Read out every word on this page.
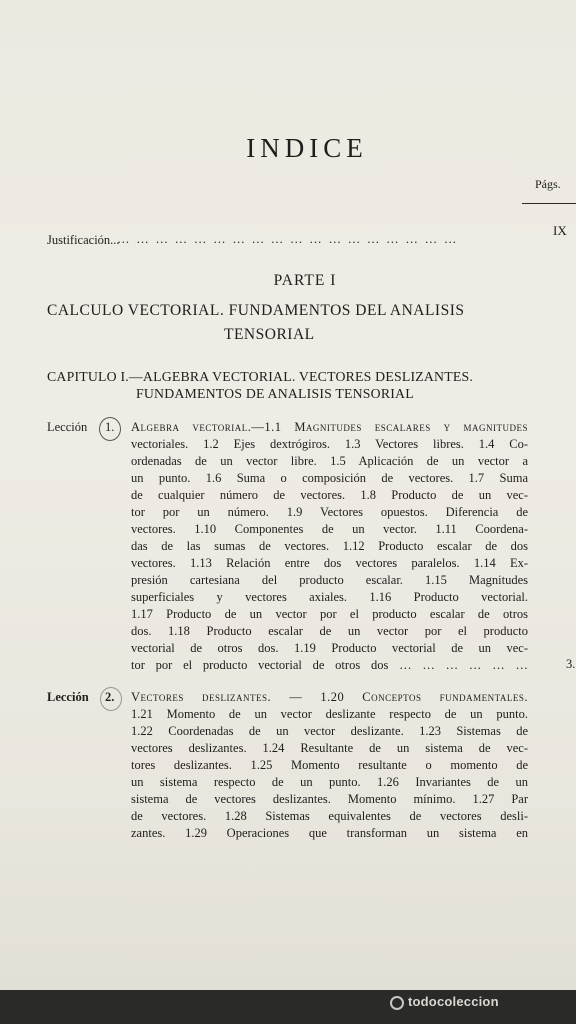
INDICE
Págs.
Justificación...
… … … … … … … … … … … … … … … … … …
IX
PARTE I
CALCULO VECTORIAL. FUNDAMENTOS DEL ANALISIS
TENSORIAL
CAPITULO I.—ALGEBRA VECTORIAL. VECTORES DESLIZANTES.
FUNDAMENTOS DE ANALISIS TENSORIAL
Lección 1. Algebra vectorial.—1.1 Magnitudes escalares y magnitudes
vectoriales. 1.2 Ejes dextrógiros. 1.3 Vectores libres. 1.4 Co-
ordenadas de un vector libre. 1.5 Aplicación de un vector a
un punto. 1.6 Suma o composición de vectores. 1.7 Suma
de cualquier número de vectores. 1.8 Producto de un vec-
tor por un número. 1.9 Vectores opuestos. Diferencia de
vectores. 1.10 Componentes de un vector. 1.11 Coordena-
das de las sumas de vectores. 1.12 Producto escalar de dos
vectores. 1.13 Relación entre dos vectores paralelos. 1.14 Ex-
presión cartesiana del producto escalar. 1.15 Magnitudes
superficiales y vectores axiales. 1.16 Producto vectorial.
1.17 Producto de un vector por el producto escalar de otros
dos. 1.18 Producto escalar de un vector por el producto
vectorial de otros dos. 1.19 Producto vectorial de un vec-
tor por el producto vectorial de otros dos … … … … … …	3.
Lección 2. Vectores deslizantes. — 1.20 Conceptos fundamentales.
1.21 Momento de un vector deslizante respecto de un punto.
1.22 Coordenadas de un vector deslizante. 1.23 Sistemas de
vectores deslizantes. 1.24 Resultante de un sistema de vec-
tores deslizantes. 1.25 Momento resultante o momento de
un sistema respecto de un punto. 1.26 Invariantes de un
sistema de vectores deslizantes. Momento mínimo. 1.27 Par
de vectores. 1.28 Sistemas equivalentes de vectores desli-
zantes. 1.29 Operaciones que transforman un sistema en
todocoleccion
